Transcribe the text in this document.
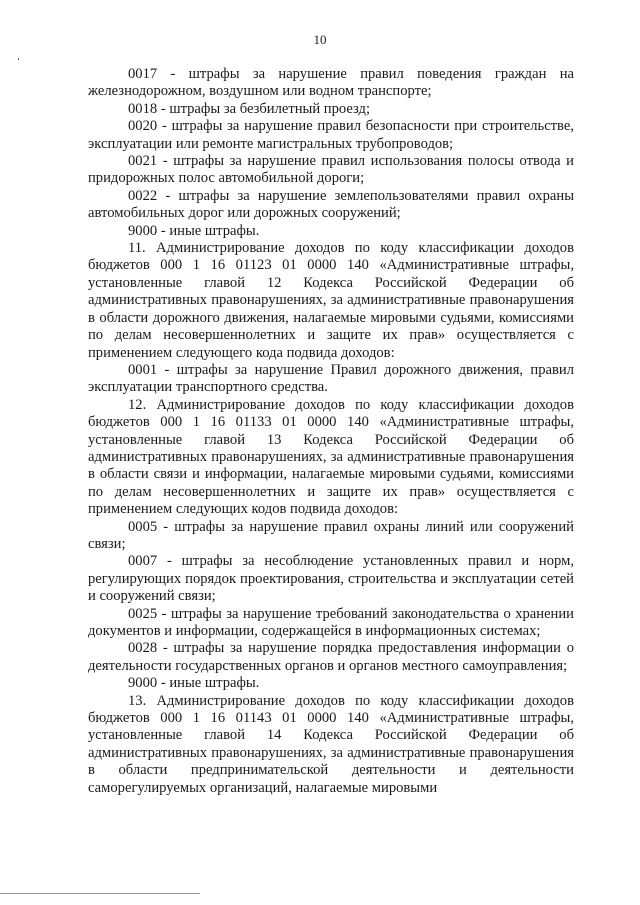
10

0017 - штрафы за нарушение правил поведения граждан на железнодорожном, воздушном или водном транспорте;

0018 - штрафы за безбилетный проезд;

0020 - штрафы за нарушение правил безопасности при строительстве, эксплуатации или ремонте магистральных трубопроводов;

0021 - штрафы за нарушение правил использования полосы отвода и придорожных полос автомобильной дороги;

0022 - штрафы за нарушение землепользователями правил охраны автомобильных дорог или дорожных сооружений;

9000 - иные штрафы.

11. Администрирование доходов по коду классификации доходов бюджетов 000 1 16 01123 01 0000 140 «Административные штрафы, установленные главой 12 Кодекса Российской Федерации об административных правонарушениях, за административные правонарушения в области дорожного движения, налагаемые мировыми судьями, комиссиями по делам несовершеннолетних и защите их прав» осуществляется с применением следующего кода подвида доходов:

0001 - штрафы за нарушение Правил дорожного движения, правил эксплуатации транспортного средства.

12. Администрирование доходов по коду классификации доходов бюджетов 000 1 16 01133 01 0000 140 «Административные штрафы, установленные главой 13 Кодекса Российской Федерации об административных правонарушениях, за административные правонарушения в области связи и информации, налагаемые мировыми судьями, комиссиями по делам несовершеннолетних и защите их прав» осуществляется с применением следующих кодов подвида доходов:

0005 - штрафы за нарушение правил охраны линий или сооружений связи;

0007 - штрафы за несоблюдение установленных правил и норм, регулирующих порядок проектирования, строительства и эксплуатации сетей и сооружений связи;

0025 - штрафы за нарушение требований законодательства о хранении документов и информации, содержащейся в информационных системах;

0028 - штрафы за нарушение порядка предоставления информации о деятельности государственных органов и органов местного самоуправления;

9000 - иные штрафы.

13. Администрирование доходов по коду классификации доходов бюджетов 000 1 16 01143 01 0000 140 «Административные штрафы, установленные главой 14 Кодекса Российской Федерации об административных правонарушениях, за административные правонарушения в области предпринимательской деятельности и деятельности саморегулируемых организаций, налагаемые мировыми
